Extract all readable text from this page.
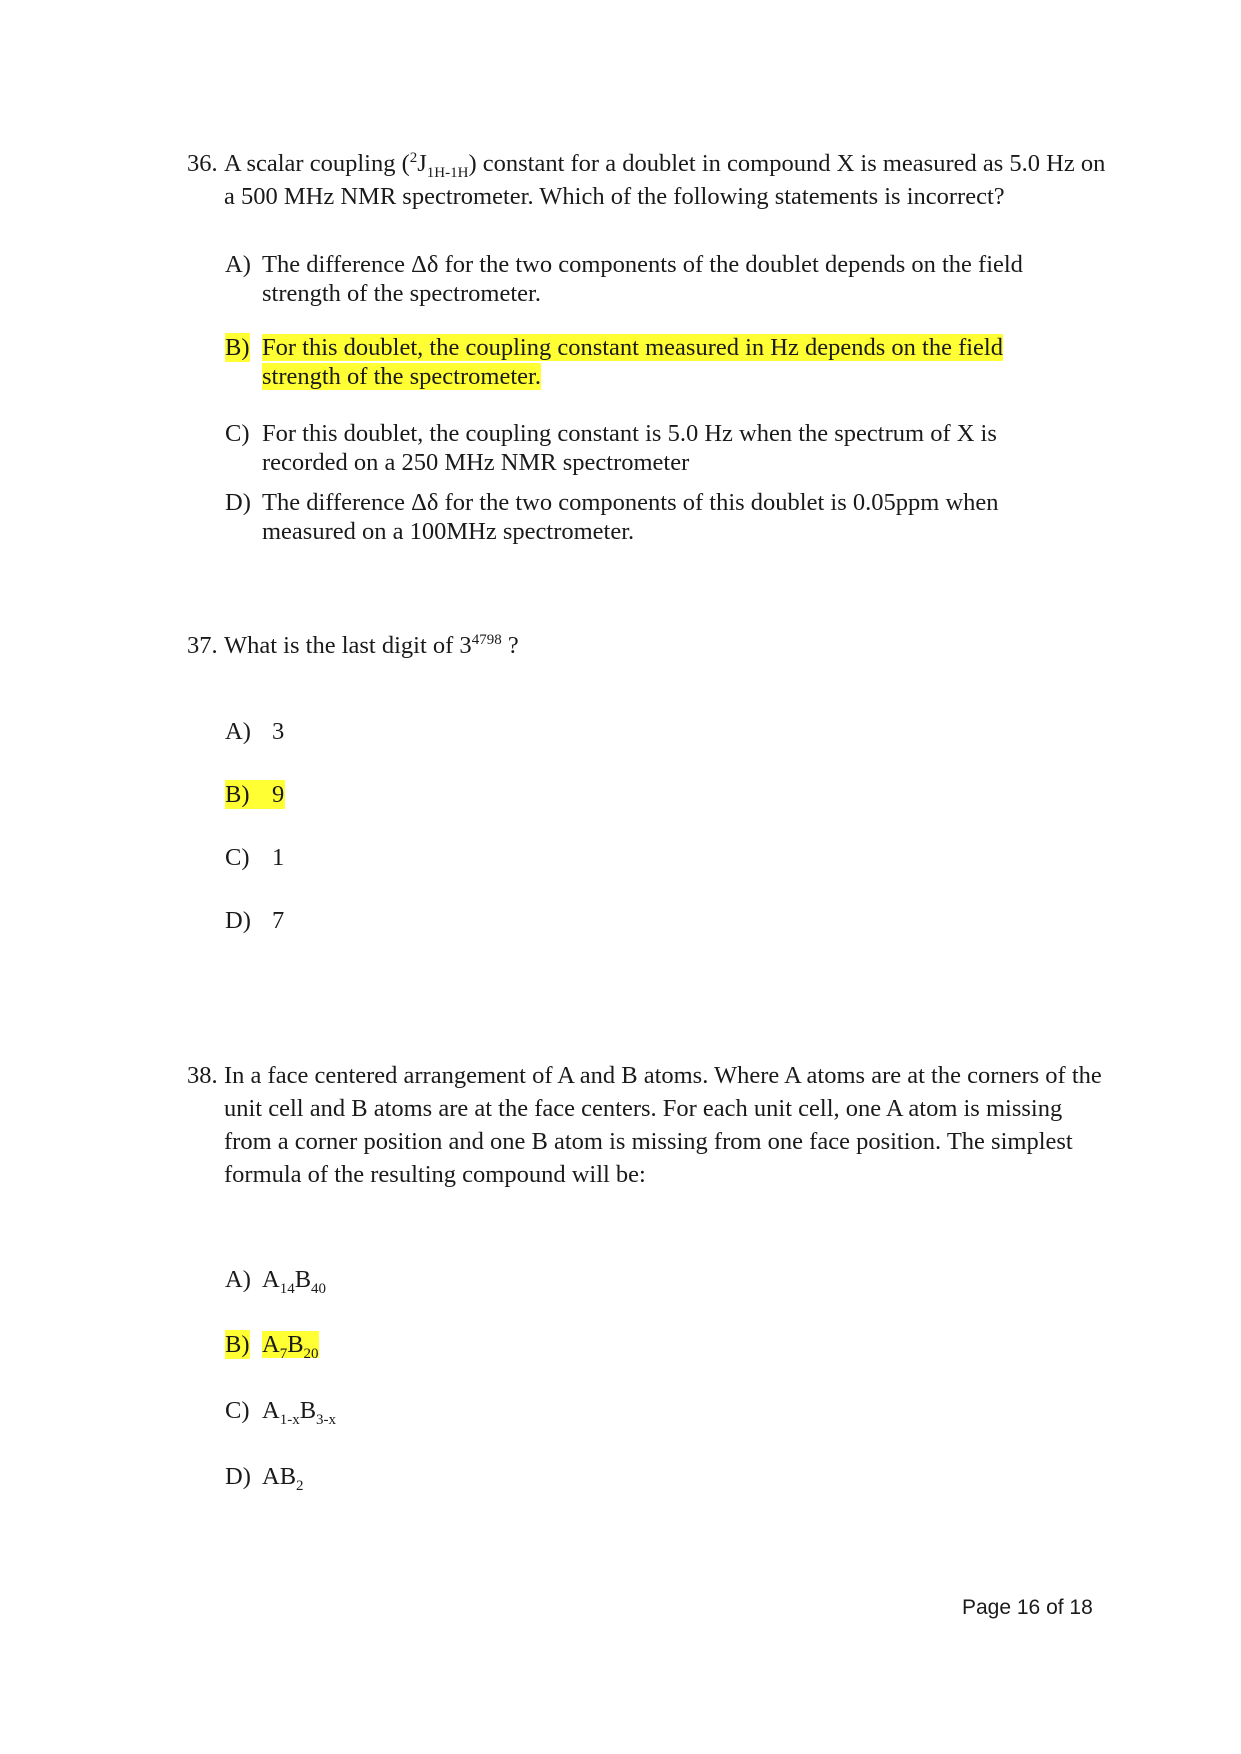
36. A scalar coupling $(^2J_{1H-1H})$ constant for a doublet in compound X is measured as 5.0 Hz on a 500 MHz NMR spectrometer. Which of the following statements is incorrect?
A) The difference Δδ for the two components of the doublet depends on the field strength of the spectrometer.
B) For this doublet, the coupling constant measured in Hz depends on the field strength of the spectrometer.
C) For this doublet, the coupling constant is 5.0 Hz when the spectrum of X is recorded on a 250 MHz NMR spectrometer
D) The difference Δδ for the two components of this doublet is 0.05ppm when measured on a 100MHz spectrometer.
37. What is the last digit of $3^{4798}$ ?
A) 3
B) 9
C) 1
D) 7
38. In a face centered arrangement of A and B atoms. Where A atoms are at the corners of the unit cell and B atoms are at the face centers. For each unit cell, one A atom is missing from a corner position and one B atom is missing from one face position. The simplest formula of the resulting compound will be:
A) $A_{14}B_{40}$
B) $A_7B_{20}$
C) $A_{1-x}B_{3-x}$
D) $AB_2$
Page 16 of 18
